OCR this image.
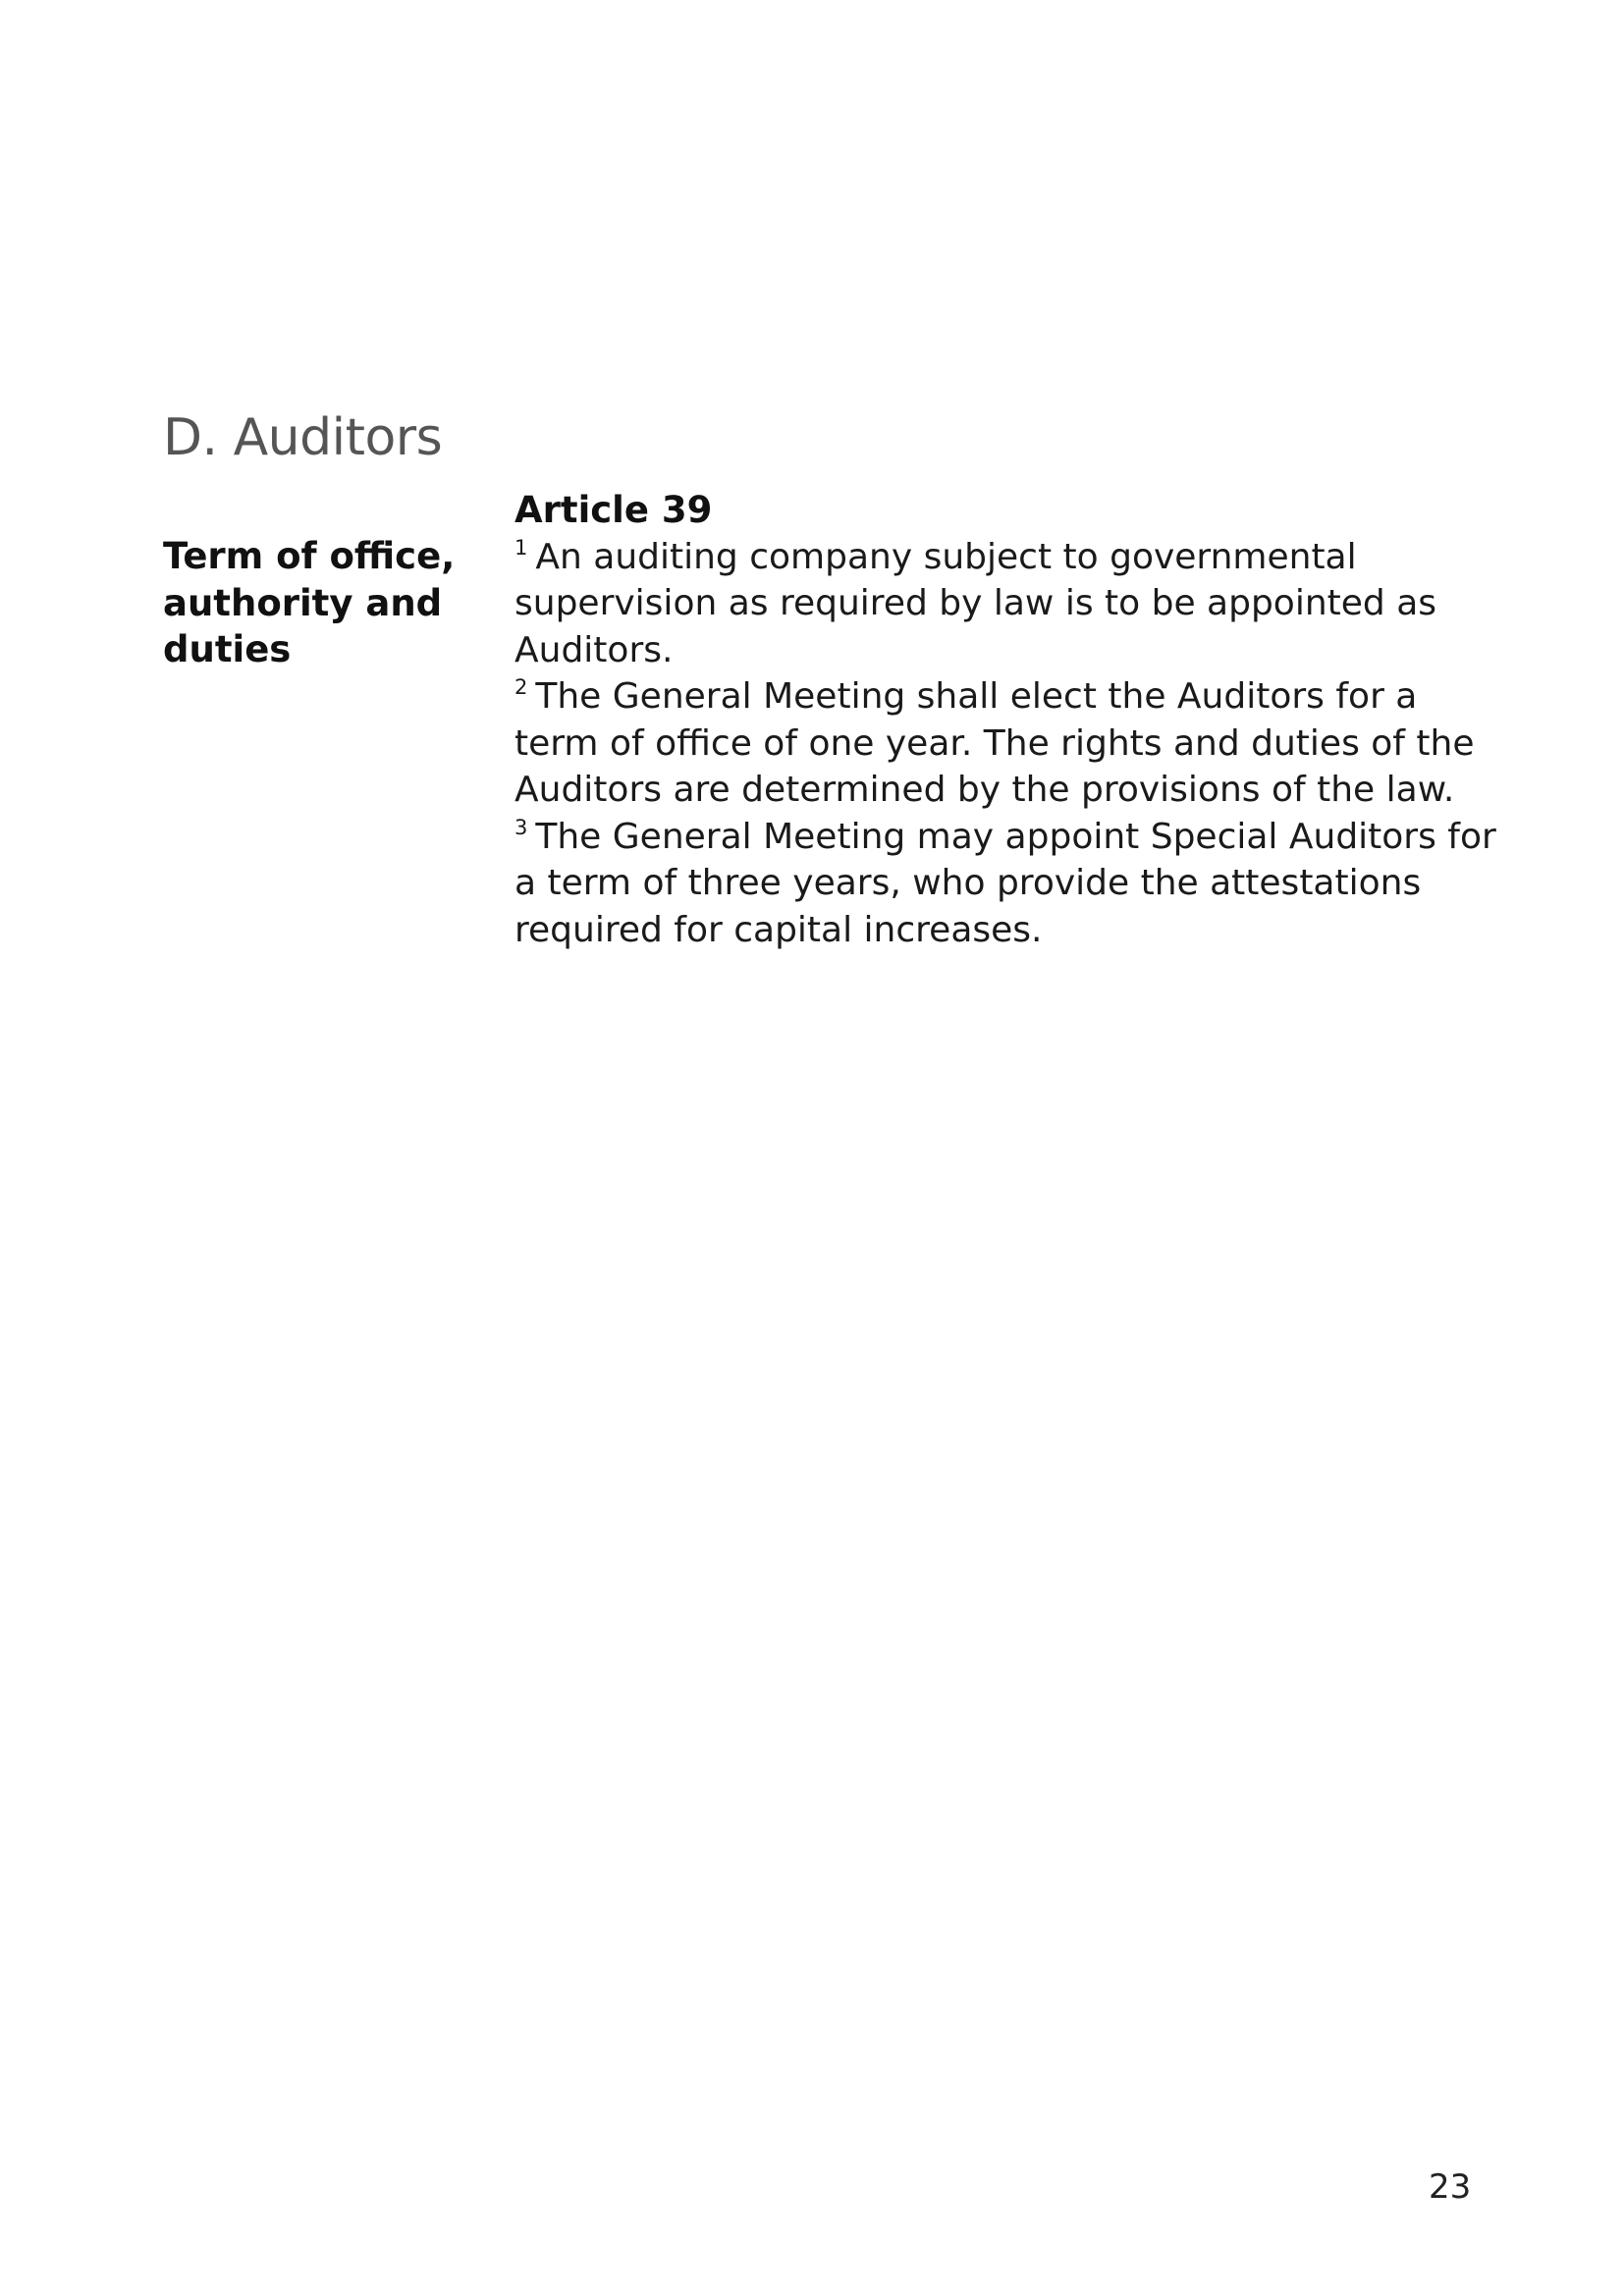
D. Auditors
Term of office,
authority and
duties
Article 39

$^1$ An auditing company subject to governmental supervision as required by law is to be appointed as Auditors.

$^2$ The General Meeting shall elect the Auditors for a term of office of one year. The rights and duties of the Auditors are determined by the provisions of the law.

$^3$ The General Meeting may appoint Special Auditors for a term of three years, who provide the attestations required for capital increases.

23
